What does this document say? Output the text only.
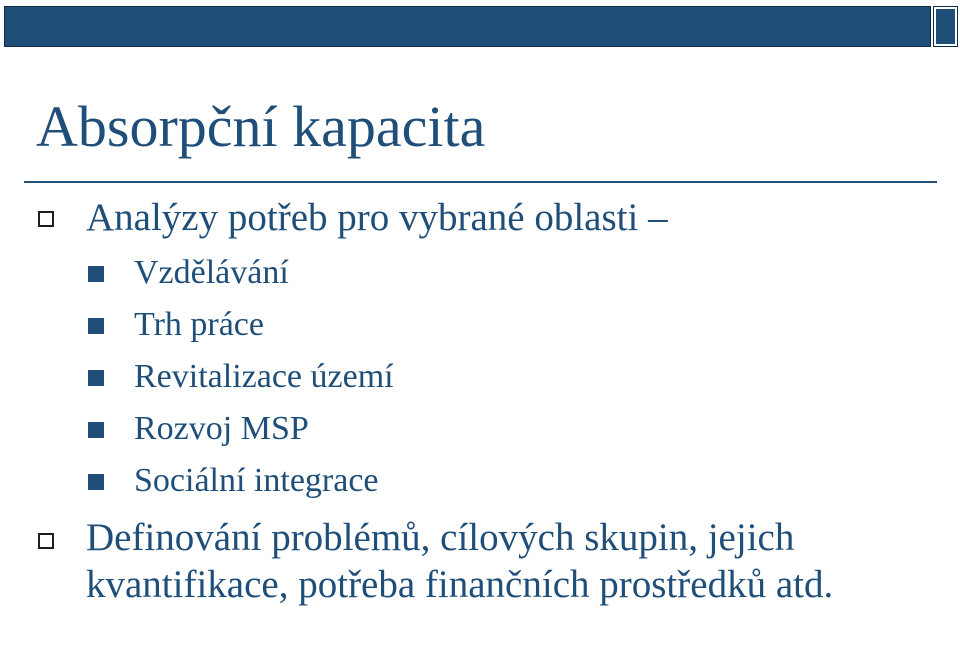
Absorpční kapacita
Analýzy potřeb pro vybrané oblasti –
Vzdělávání
Trh práce
Revitalizace území
Rozvoj MSP
Sociální integrace
Definování problémů, cílových skupin, jejich kvantifikace, potřeba finančních prostředků atd.
